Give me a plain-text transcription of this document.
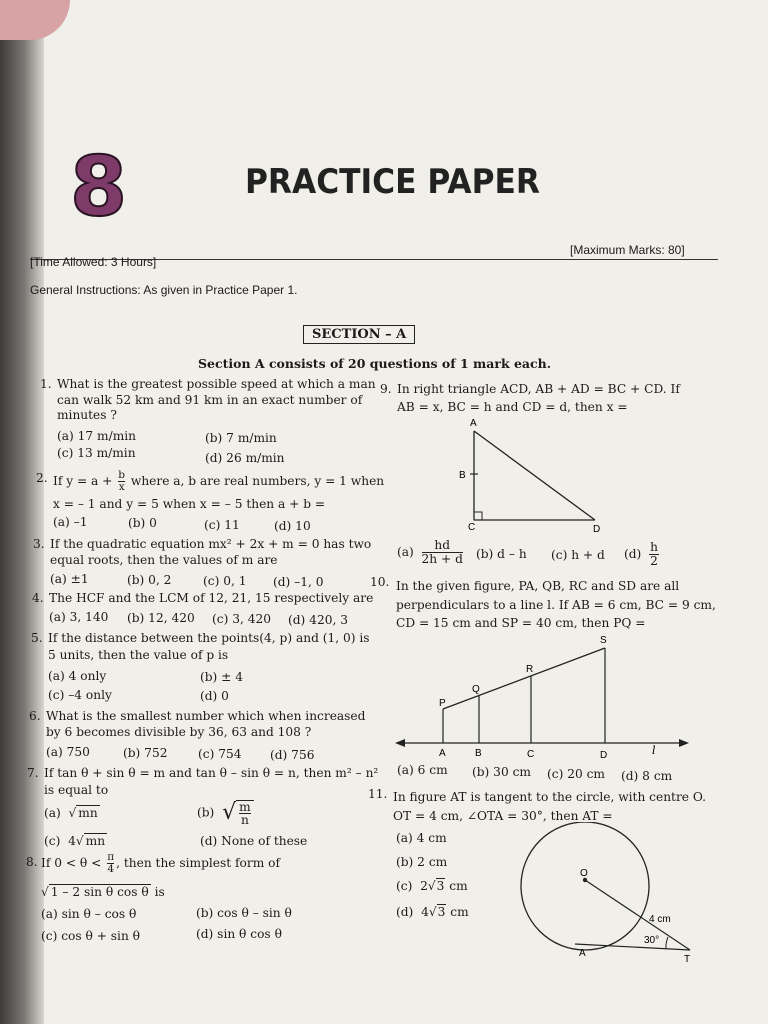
8	PRACTICE PAPER
[Maximum Marks: 80]
[Time Allowed: 3 Hours]
General Instructions: As given in Practice Paper 1.
SECTION – A
Section A consists of 20 questions of 1 mark each.
1. What is the greatest possible speed at which a man
can walk 52 km and 91 km in an exact number of
minutes ?
(a) 17 m/min	(b) 7 m/min
(c) 13 m/min	(d) 26 m/min
2. If $y = a + \frac{b}{x}$ where a, b are real numbers, y = 1 when
x = – 1 and y = 5 when x = – 5 then a + b =
(a) –1	(b) 0	(c) 11	(d) 10
3. If the quadratic equation mx² + 2x + m = 0 has two
equal roots, then the values of m are
(a) ±1	(b) 0, 2	(c) 0, 1 (d) –1, 0
4. The HCF and the LCM of 12, 21, 15 respectively are
(a) 3, 140 (b) 12, 420 (c) 3, 420 (d) 420, 3
5. If the distance between the points(4, p) and (1, 0) is
5 units, then the value of p is
(a) 4 only	(b) ± 4
(c) –4 only	(d) 0
6. What is the smallest number which when increased
by 6 becomes divisible by 36, 63 and 108 ?
(a) 750	(b) 752	(c) 754 (d) 756
7. If tan θ + sin θ = m and tan θ – sin θ = n, then m² – n²
is equal to
(a)  √ mn	(b) √ $\frac{m}{n}$
(c) 4√ mn	(d) None of these
8. If $0 < \theta < \frac{\pi}{4}$ , then the simplest form of
√ 1 – 2 sin θ cos θ is
(a) sin θ – cos θ	(b) cos θ – sin θ
(c) cos θ + sin θ	(d) sin θ cos θ
9. In right triangle ACD, AB + AD = BC + CD. If
AB = x, BC = h and CD = d, then x =
A
B
C	D
$(a) \frac{hd}{2h + d} (b)$ d – h (c) h + d $(d) \frac{h}{2}$
10. In the given figure, PA, QB, RC and SD are all
perpendiculars to a line l. If AB = 6 cm, BC = 9 cm,
CD = 15 cm and SP = 40 cm, then PQ =
P
Q
R
S
A	B	C	D	l
(a) 6 cm (b) 30 cm (c) 20 cm (d) 8 cm
11. In figure AT is tangent to the circle, with centre O.
OT = 4 cm, ∠OTA = 30°, then AT =
(a) 4 cm
(b) 2 cm
(c) 2√3 cm
(d) 4√3 cm
O
A
T
4 cm
30°
